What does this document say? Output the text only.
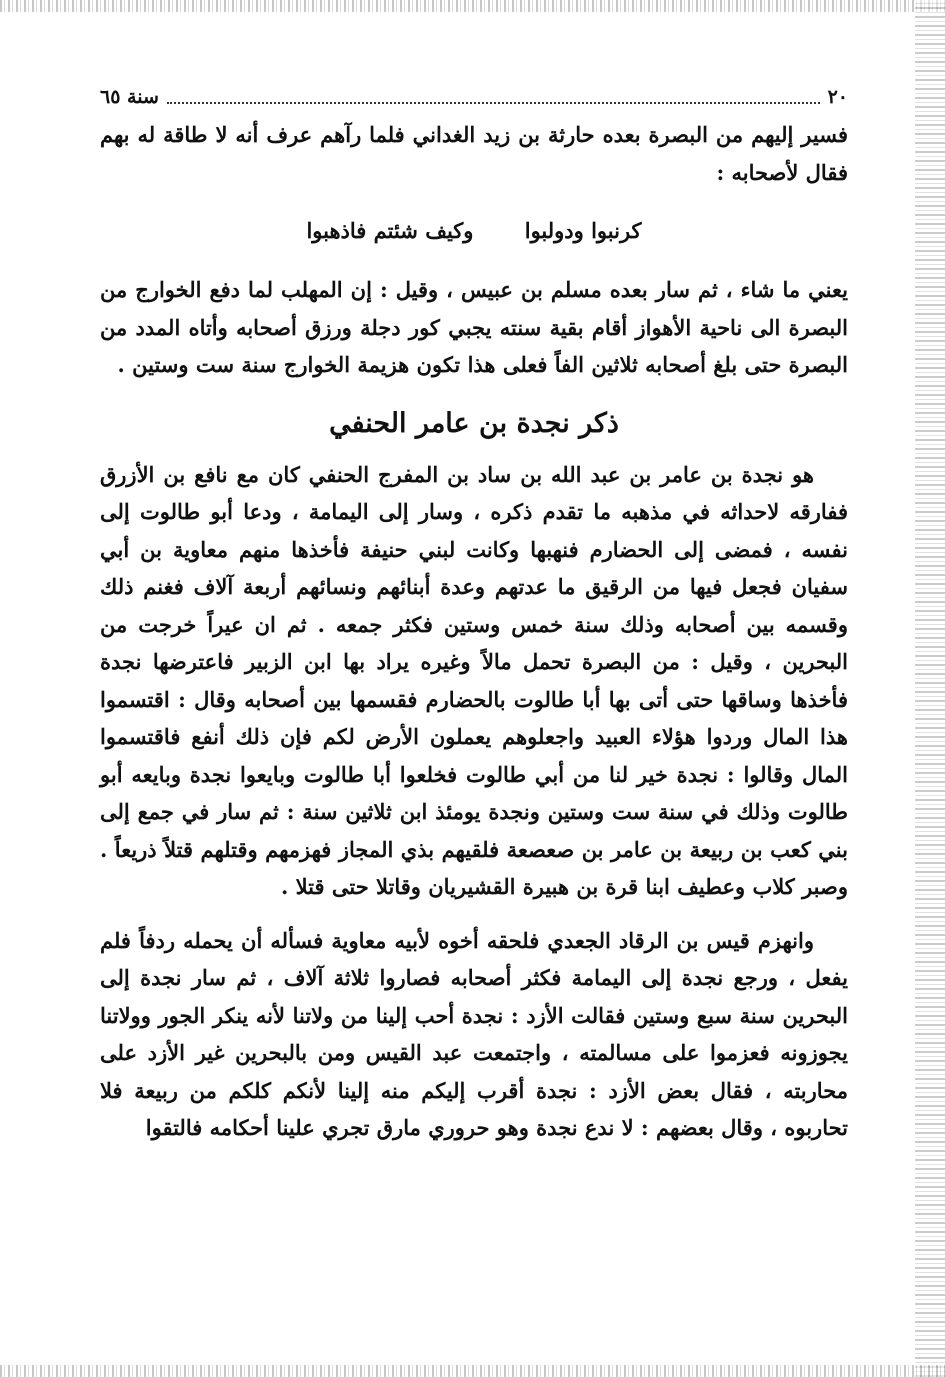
٢٠
سنة ٦٥

فسير إليهم من البصرة بعده حارثة بن زيد الغداني فلما رآهم عرف أنه لا طاقة له بهم فقال لأصحابه :

كرنبوا ودولبوا وكيف شئتم فاذهبوا

يعني ما شاء ، ثم سار بعده مسلم بن عبيس ، وقيل : إن المهلب لما دفع الخوارج من البصرة الى ناحية الأهواز أقام بقية سنته يجبي كور دجلة ورزق أصحابه وأتاه المدد من البصرة حتى بلغ أصحابه ثلاثين الفاً فعلى هذا تكون هزيمة الخوارج سنة ست وستين .

ذكر نجدة بن عامر الحنفي

هو نجدة بن عامر بن عبد الله بن ساد بن المفرج الحنفي كان مع نافع بن الأزرق ففارقه لاحداثه في مذهبه ما تقدم ذكره ، وسار إلى اليمامة ، ودعا أبو طالوت إلى نفسه ، فمضى إلى الحضارم فنهبها وكانت لبني حنيفة فأخذها منهم معاوية بن أبي سفيان فجعل فيها من الرقيق ما عدتهم وعدة أبنائهم ونسائهم أربعة آلاف فغنم ذلك وقسمه بين أصحابه وذلك سنة خمس وستين فكثر جمعه . ثم ان عيراً خرجت من البحرين ، وقيل : من البصرة تحمل مالاً وغيره يراد بها ابن الزبير فاعترضها نجدة فأخذها وساقها حتى أتى بها أبا طالوت بالحضارم فقسمها بين أصحابه وقال : اقتسموا هذا المال وردوا هؤلاء العبيد واجعلوهم يعملون الأرض لكم فإن ذلك أنفع فاقتسموا المال وقالوا : نجدة خير لنا من أبي طالوت فخلعوا أبا طالوت وبايعوا نجدة وبايعه أبو طالوت وذلك في سنة ست وستين ونجدة يومئذ ابن ثلاثين سنة : ثم سار في جمع إلى بني كعب بن ربيعة بن عامر بن صعصعة فلقيهم بذي المجاز فهزمهم وقتلهم قتلاً ذريعاً . وصبر كلاب وعطيف ابنا قرة بن هبيرة القشيريان وقاتلا حتى قتلا .

وانهزم قيس بن الرقاد الجعدي فلحقه أخوه لأبيه معاوية فسأله أن يحمله ردفاً فلم يفعل ، ورجع نجدة إلى اليمامة فكثر أصحابه فصاروا ثلاثة آلاف ، ثم سار نجدة إلى البحرين سنة سبع وستين فقالت الأزد : نجدة أحب إلينا من ولاتنا لأنه ينكر الجور وولاتنا يجوزونه فعزموا على مسالمته ، واجتمعت عبد القيس ومن بالبحرين غير الأزد على محاربته ، فقال بعض الأزد : نجدة أقرب إليكم منه إلينا لأنكم كلكم من ربيعة فلا تحاربوه ، وقال بعضهم : لا ندع نجدة وهو حروري مارق تجري علينا أحكامه فالتقوا
